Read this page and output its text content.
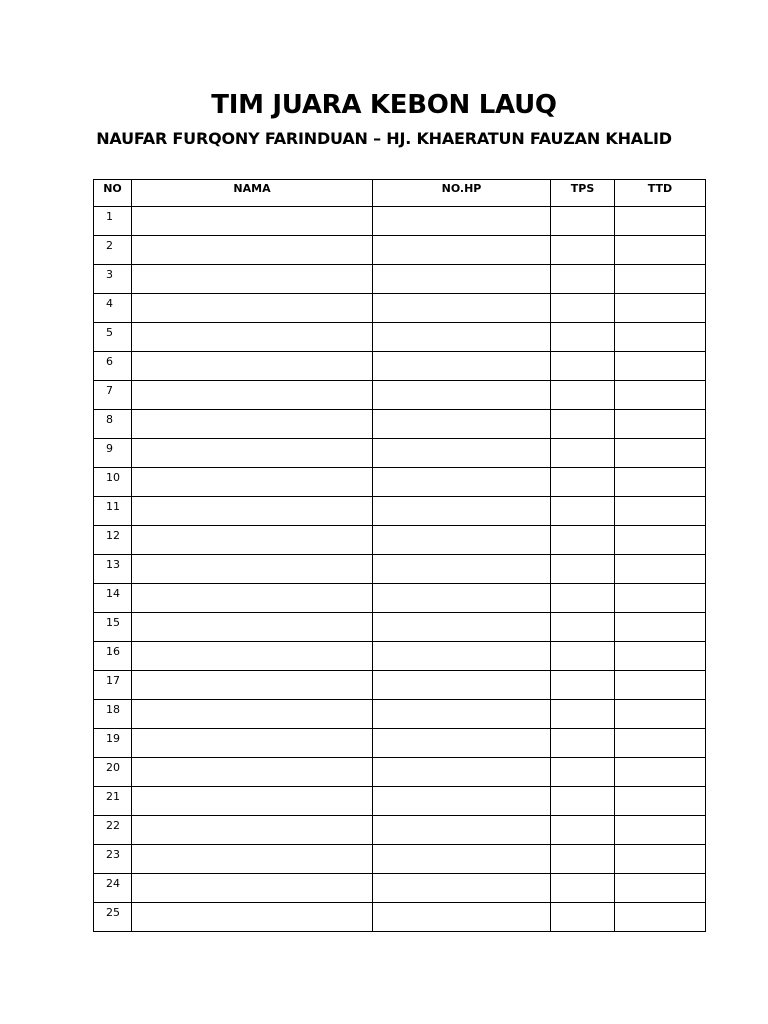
TIM JUARA KEBON LAUQ
NAUFAR FURQONY FARINDUAN – HJ. KHAERATUN FAUZAN KHALID
NO	NAMA	NO.HP	TPS	TTD
1				
2				
3				
4				
5				
6				
7				
8				
9				
10				
11				
12				
13				
14				
15				
16				
17				
18				
19				
20				
21				
22				
23				
24				
25				
